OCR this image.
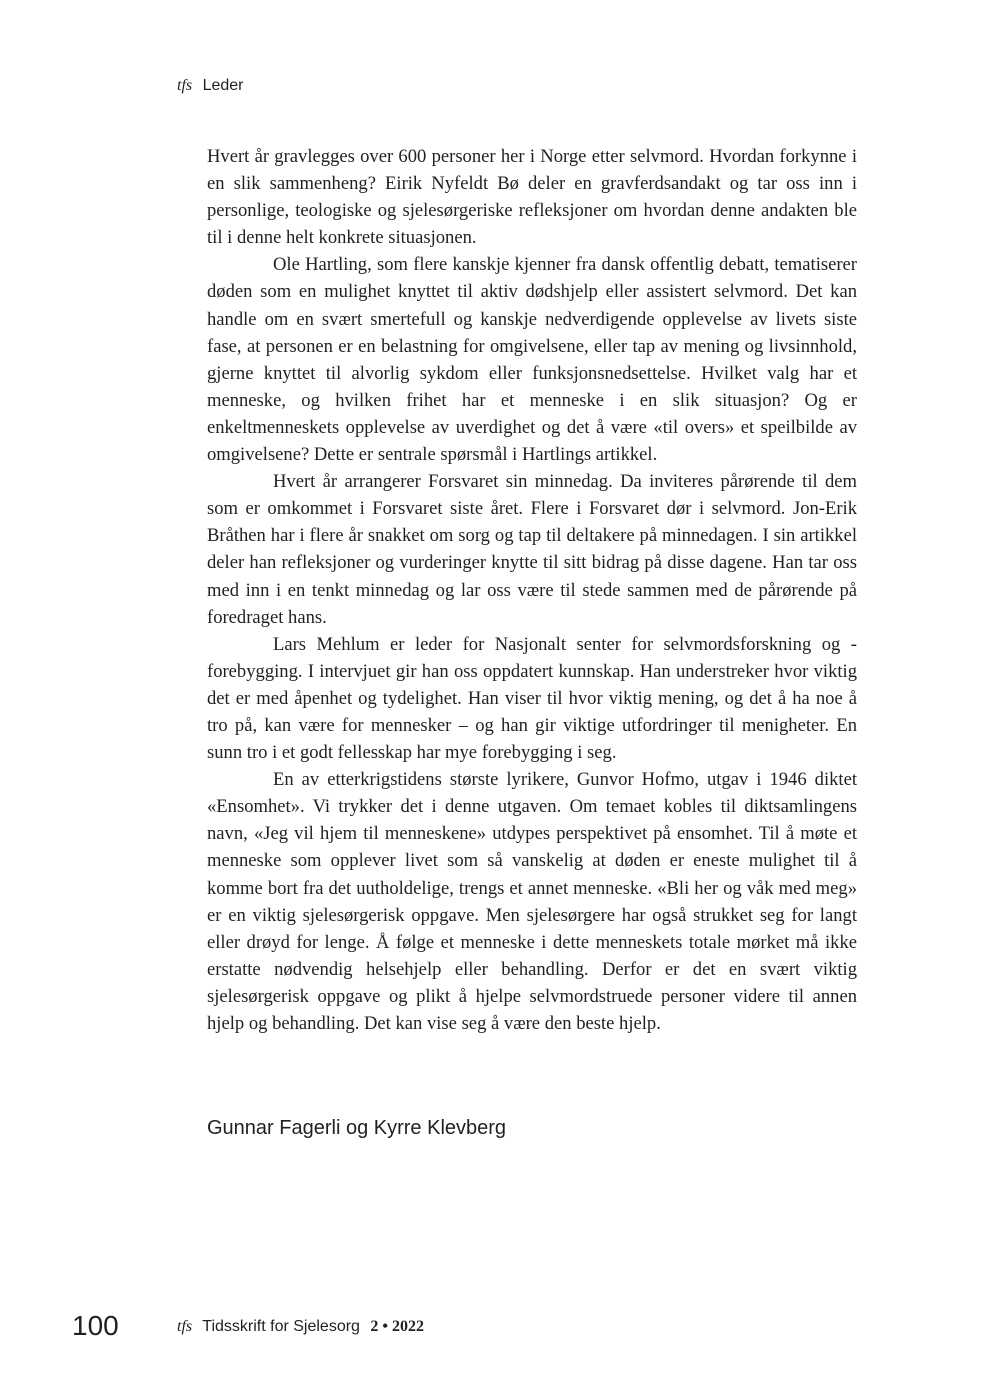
tfs Leder

Hvert år gravlegges over 600 personer her i Norge etter selvmord. Hvordan forkynne i en slik sammenheng? Eirik Nyfeldt Bø deler en gravferdsandakt og tar oss inn i personlige, teologiske og sjelesørgeriske refleksjoner om hvordan denne andakten ble til i denne helt konkrete situasjonen.

Ole Hartling, som flere kanskje kjenner fra dansk offentlig debatt, tematiserer døden som en mulighet knyttet til aktiv dødshjelp eller assistert selvmord. Det kan handle om en svært smertefull og kanskje nedverdigende opplevelse av livets siste fase, at personen er en belastning for omgivelsene, eller tap av mening og livsinnhold, gjerne knyttet til alvorlig sykdom eller funksjonsnedsettelse. Hvilket valg har et menneske, og hvilken frihet har et menneske i en slik situasjon? Og er enkeltmenneskets opplevelse av uverdighet og det å være «til overs» et speilbilde av omgivelsene? Dette er sentrale spørsmål i Hartlings artikkel.

Hvert år arrangerer Forsvaret sin minnedag. Da inviteres pårørende til dem som er omkommet i Forsvaret siste året. Flere i Forsvaret dør i selvmord. Jon-Erik Bråthen har i flere år snakket om sorg og tap til deltakere på minnedagen. I sin artikkel deler han refleksjoner og vurderinger knytte til sitt bidrag på disse dagene. Han tar oss med inn i en tenkt minnedag og lar oss være til stede sammen med de pårørende på foredraget hans.

Lars Mehlum er leder for Nasjonalt senter for selvmordsforskning og -forebygging. I intervjuet gir han oss oppdatert kunnskap. Han understreker hvor viktig det er med åpenhet og tydelighet. Han viser til hvor viktig mening, og det å ha noe å tro på, kan være for mennesker – og han gir viktige utfordringer til menigheter. En sunn tro i et godt fellesskap har mye forebygging i seg.

En av etterkrigstidens største lyrikere, Gunvor Hofmo, utgav i 1946 diktet «Ensomhet». Vi trykker det i denne utgaven. Om temaet kobles til diktsamlingens navn, «Jeg vil hjem til menneskene» utdypes perspektivet på ensomhet. Til å møte et menneske som opplever livet som så vanskelig at døden er eneste mulighet til å komme bort fra det uutholdelige, trengs et annet menneske. «Bli her og våk med meg» er en viktig sjelesørgerisk oppgave. Men sjelesørgere har også strukket seg for langt eller drøyd for lenge. Å følge et menneske i dette menneskets totale mørket må ikke erstatte nødvendig helsehjelp eller behandling. Derfor er det en svært viktig sjelesørgerisk oppgave og plikt å hjelpe selvmordstruede personer videre til annen hjelp og behandling. Det kan vise seg å være den beste hjelp.

Gunnar Fagerli og Kyrre Klevberg
100	tfs Tidsskrift for Sjelesorg 2 • 2022
